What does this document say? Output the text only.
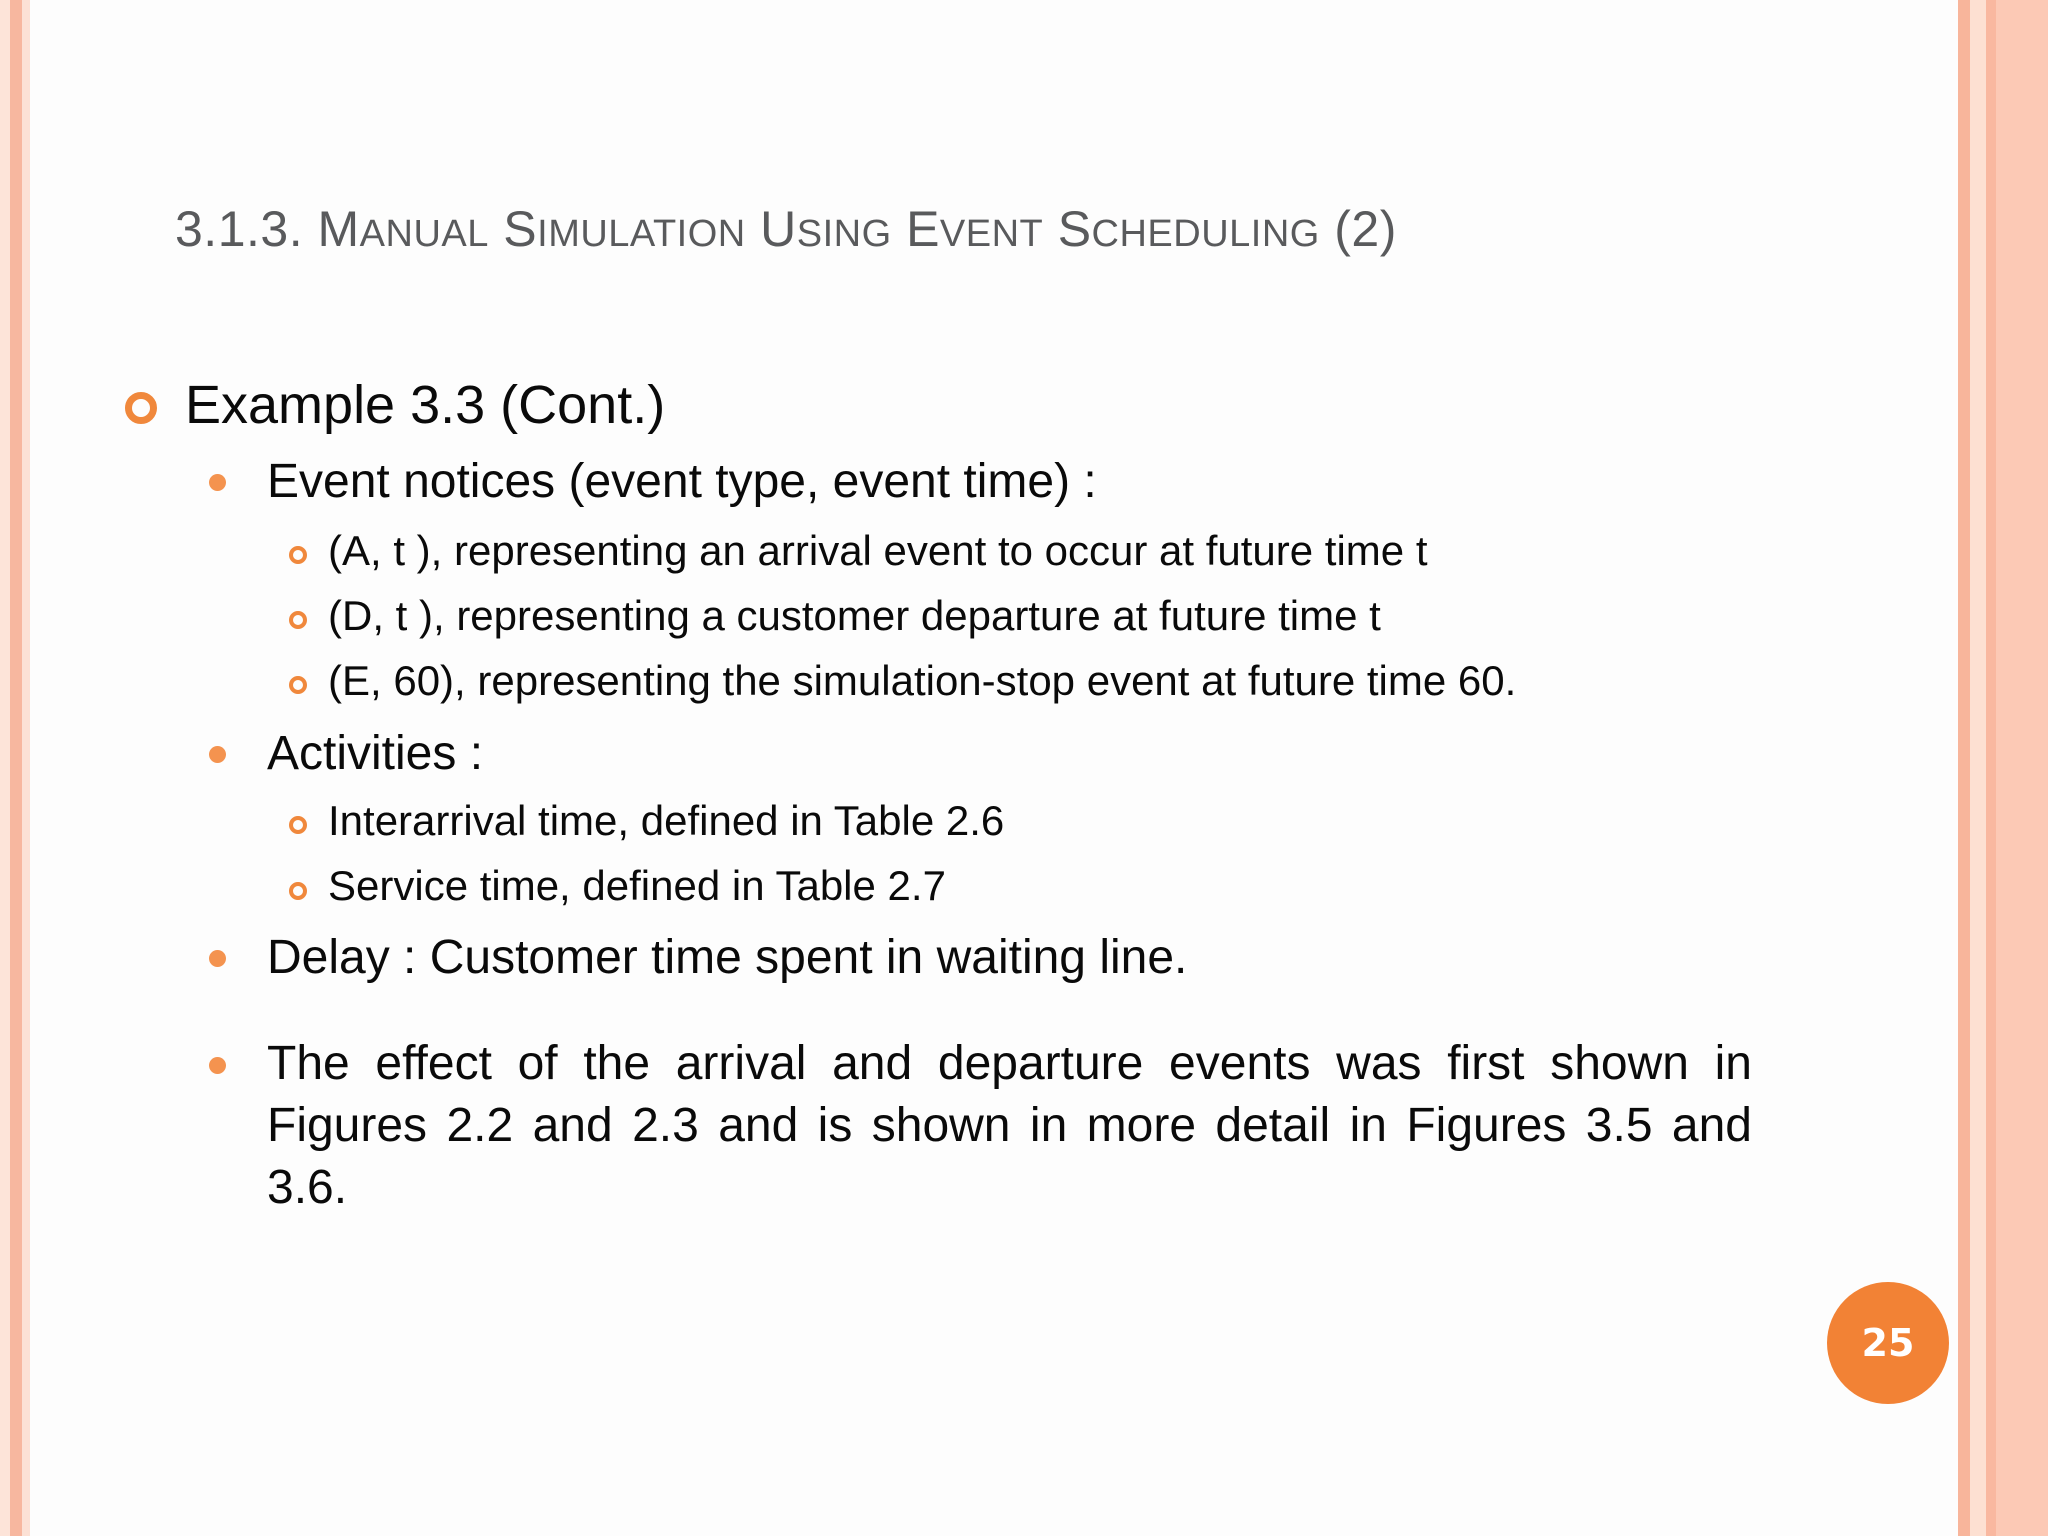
3.1.3. MANUAL SIMULATION USING EVENT SCHEDULING (2)
Example 3.3 (Cont.)
Event notices (event type, event time) :
(A, t ), representing an arrival event to occur at future time t
(D, t ), representing a customer departure at future time t
(E, 60), representing the simulation-stop event at future time 60.
Activities :
Interarrival time, defined in Table 2.6
Service time, defined in Table 2.7
Delay : Customer time spent in waiting line.
The effect of the arrival and departure events was first shown in Figures 2.2 and 2.3 and is shown in more detail in Figures 3.5 and 3.6.
25
